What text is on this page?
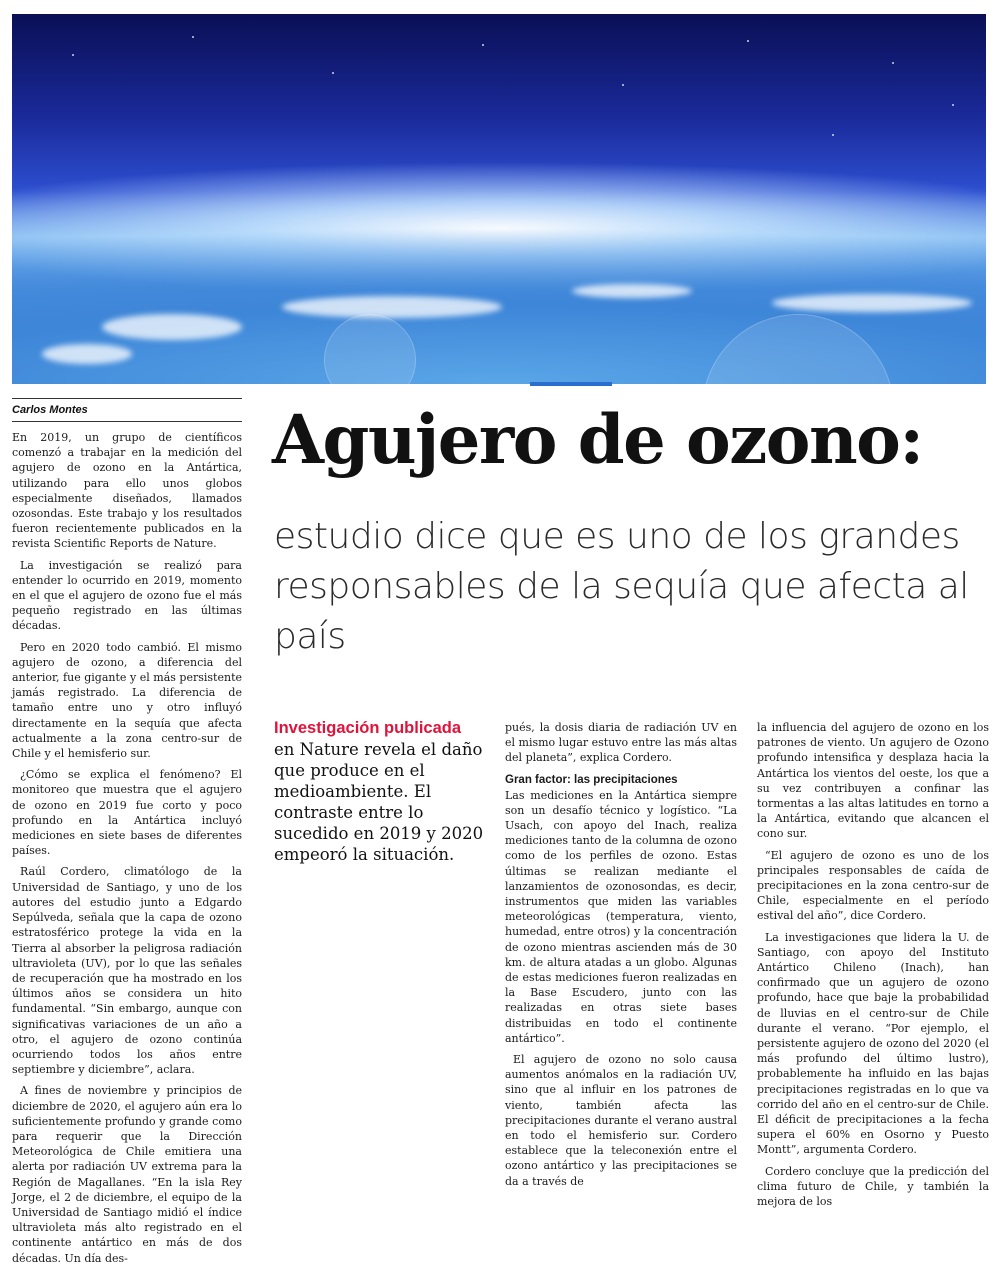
Carlos Montes

En 2019, un grupo de científicos comenzó a trabajar en la medición del agujero de ozono en la Antártica, utilizando para ello unos globos especialmente diseñados, llamados ozosondas. Este trabajo y los resultados fueron recientemente publicados en la revista Scientific Reports de Nature.

La investigación se realizó para entender lo ocurrido en 2019, momento en el que el agujero de ozono fue el más pequeño registrado en las últimas décadas.

Pero en 2020 todo cambió. El mismo agujero de ozono, a diferencia del anterior, fue gigante y el más persistente jamás registrado. La diferencia de tamaño entre uno y otro influyó directamente en la sequía que afecta actualmente a la zona centro-sur de Chile y el hemisferio sur.

¿Cómo se explica el fenómeno? El monitoreo que muestra que el agujero de ozono en 2019 fue corto y poco profundo en la Antártica incluyó mediciones en siete bases de diferentes países.

Raúl Cordero, climatólogo de la Universidad de Santiago, y uno de los autores del estudio junto a Edgardo Sepúlveda, señala que la capa de ozono estratosférico protege la vida en la Tierra al absorber la peligrosa radiación ultravioleta (UV), por lo que las señales de recuperación que ha mostrado en los últimos años se considera un hito fundamental. “Sin embargo, aunque con significativas variaciones de un año a otro, el agujero de ozono continúa ocurriendo todos los años entre septiembre y diciembre”, aclara.

A fines de noviembre y principios de diciembre de 2020, el agujero aún era lo suficientemente profundo y grande como para requerir que la Dirección Meteorológica de Chile emitiera una alerta por radiación UV extrema para la Región de Magallanes. “En la isla Rey Jorge, el 2 de diciembre, el equipo de la Universidad de Santiago midió el índice ultravioleta más alto registrado en el continente antártico en más de dos décadas. Un día des-

Agujero de ozono:
estudio dice que es uno de los grandes responsables de la sequía que afecta al país
Investigación publicada en Nature revela el daño que produce en el medioambiente. El contraste entre lo sucedido en 2019 y 2020 empeoró la situación.

pués, la dosis diaria de radiación UV en el mismo lugar estuvo entre las más altas del planeta”, explica Cordero.

Gran factor: las precipitaciones

Las mediciones en la Antártica siempre son un desafío técnico y logístico. “La Usach, con apoyo del Inach, realiza mediciones tanto de la columna de ozono como de los perfiles de ozono. Estas últimas se realizan mediante el lanzamientos de ozonosondas, es decir, instrumentos que miden las variables meteorológicas (temperatura, viento, humedad, entre otros) y la concentración de ozono mientras ascienden más de 30 km. de altura atadas a un globo. Algunas de estas mediciones fueron realizadas en la Base Escudero, junto con las realizadas en otras siete bases distribuidas en todo el continente antártico”.

El agujero de ozono no solo causa aumentos anómalos en la radiación UV, sino que al influir en los patrones de viento, también afecta las precipitaciones durante el verano austral en todo el hemisferio sur. Cordero establece que la teleconexión entre el ozono antártico y las precipitaciones se da a través de

la influencia del agujero de ozono en los patrones de viento. Un agujero de Ozono profundo intensifica y desplaza hacia la Antártica los vientos del oeste, los que a su vez contribuyen a confinar las tormentas a las altas latitudes en torno a la Antártica, evitando que alcancen el cono sur.

“El agujero de ozono es uno de los principales responsables de caída de precipitaciones en la zona centro-sur de Chile, especialmente en el período estival del año”, dice Cordero.

La investigaciones que lidera la U. de Santiago, con apoyo del Instituto Antártico Chileno (Inach), han confirmado que un agujero de ozono profundo, hace que baje la probabilidad de lluvias en el centro-sur de Chile durante el verano. “Por ejemplo, el persistente agujero de ozono del 2020 (el más profundo del último lustro), probablemente ha influido en las bajas precipitaciones registradas en lo que va corrido del año en el centro-sur de Chile. El déficit de precipitaciones a la fecha supera el 60% en Osorno y Puesto Montt”, argumenta Cordero.

Cordero concluye que la predicción del clima futuro de Chile, y también la mejora de los
